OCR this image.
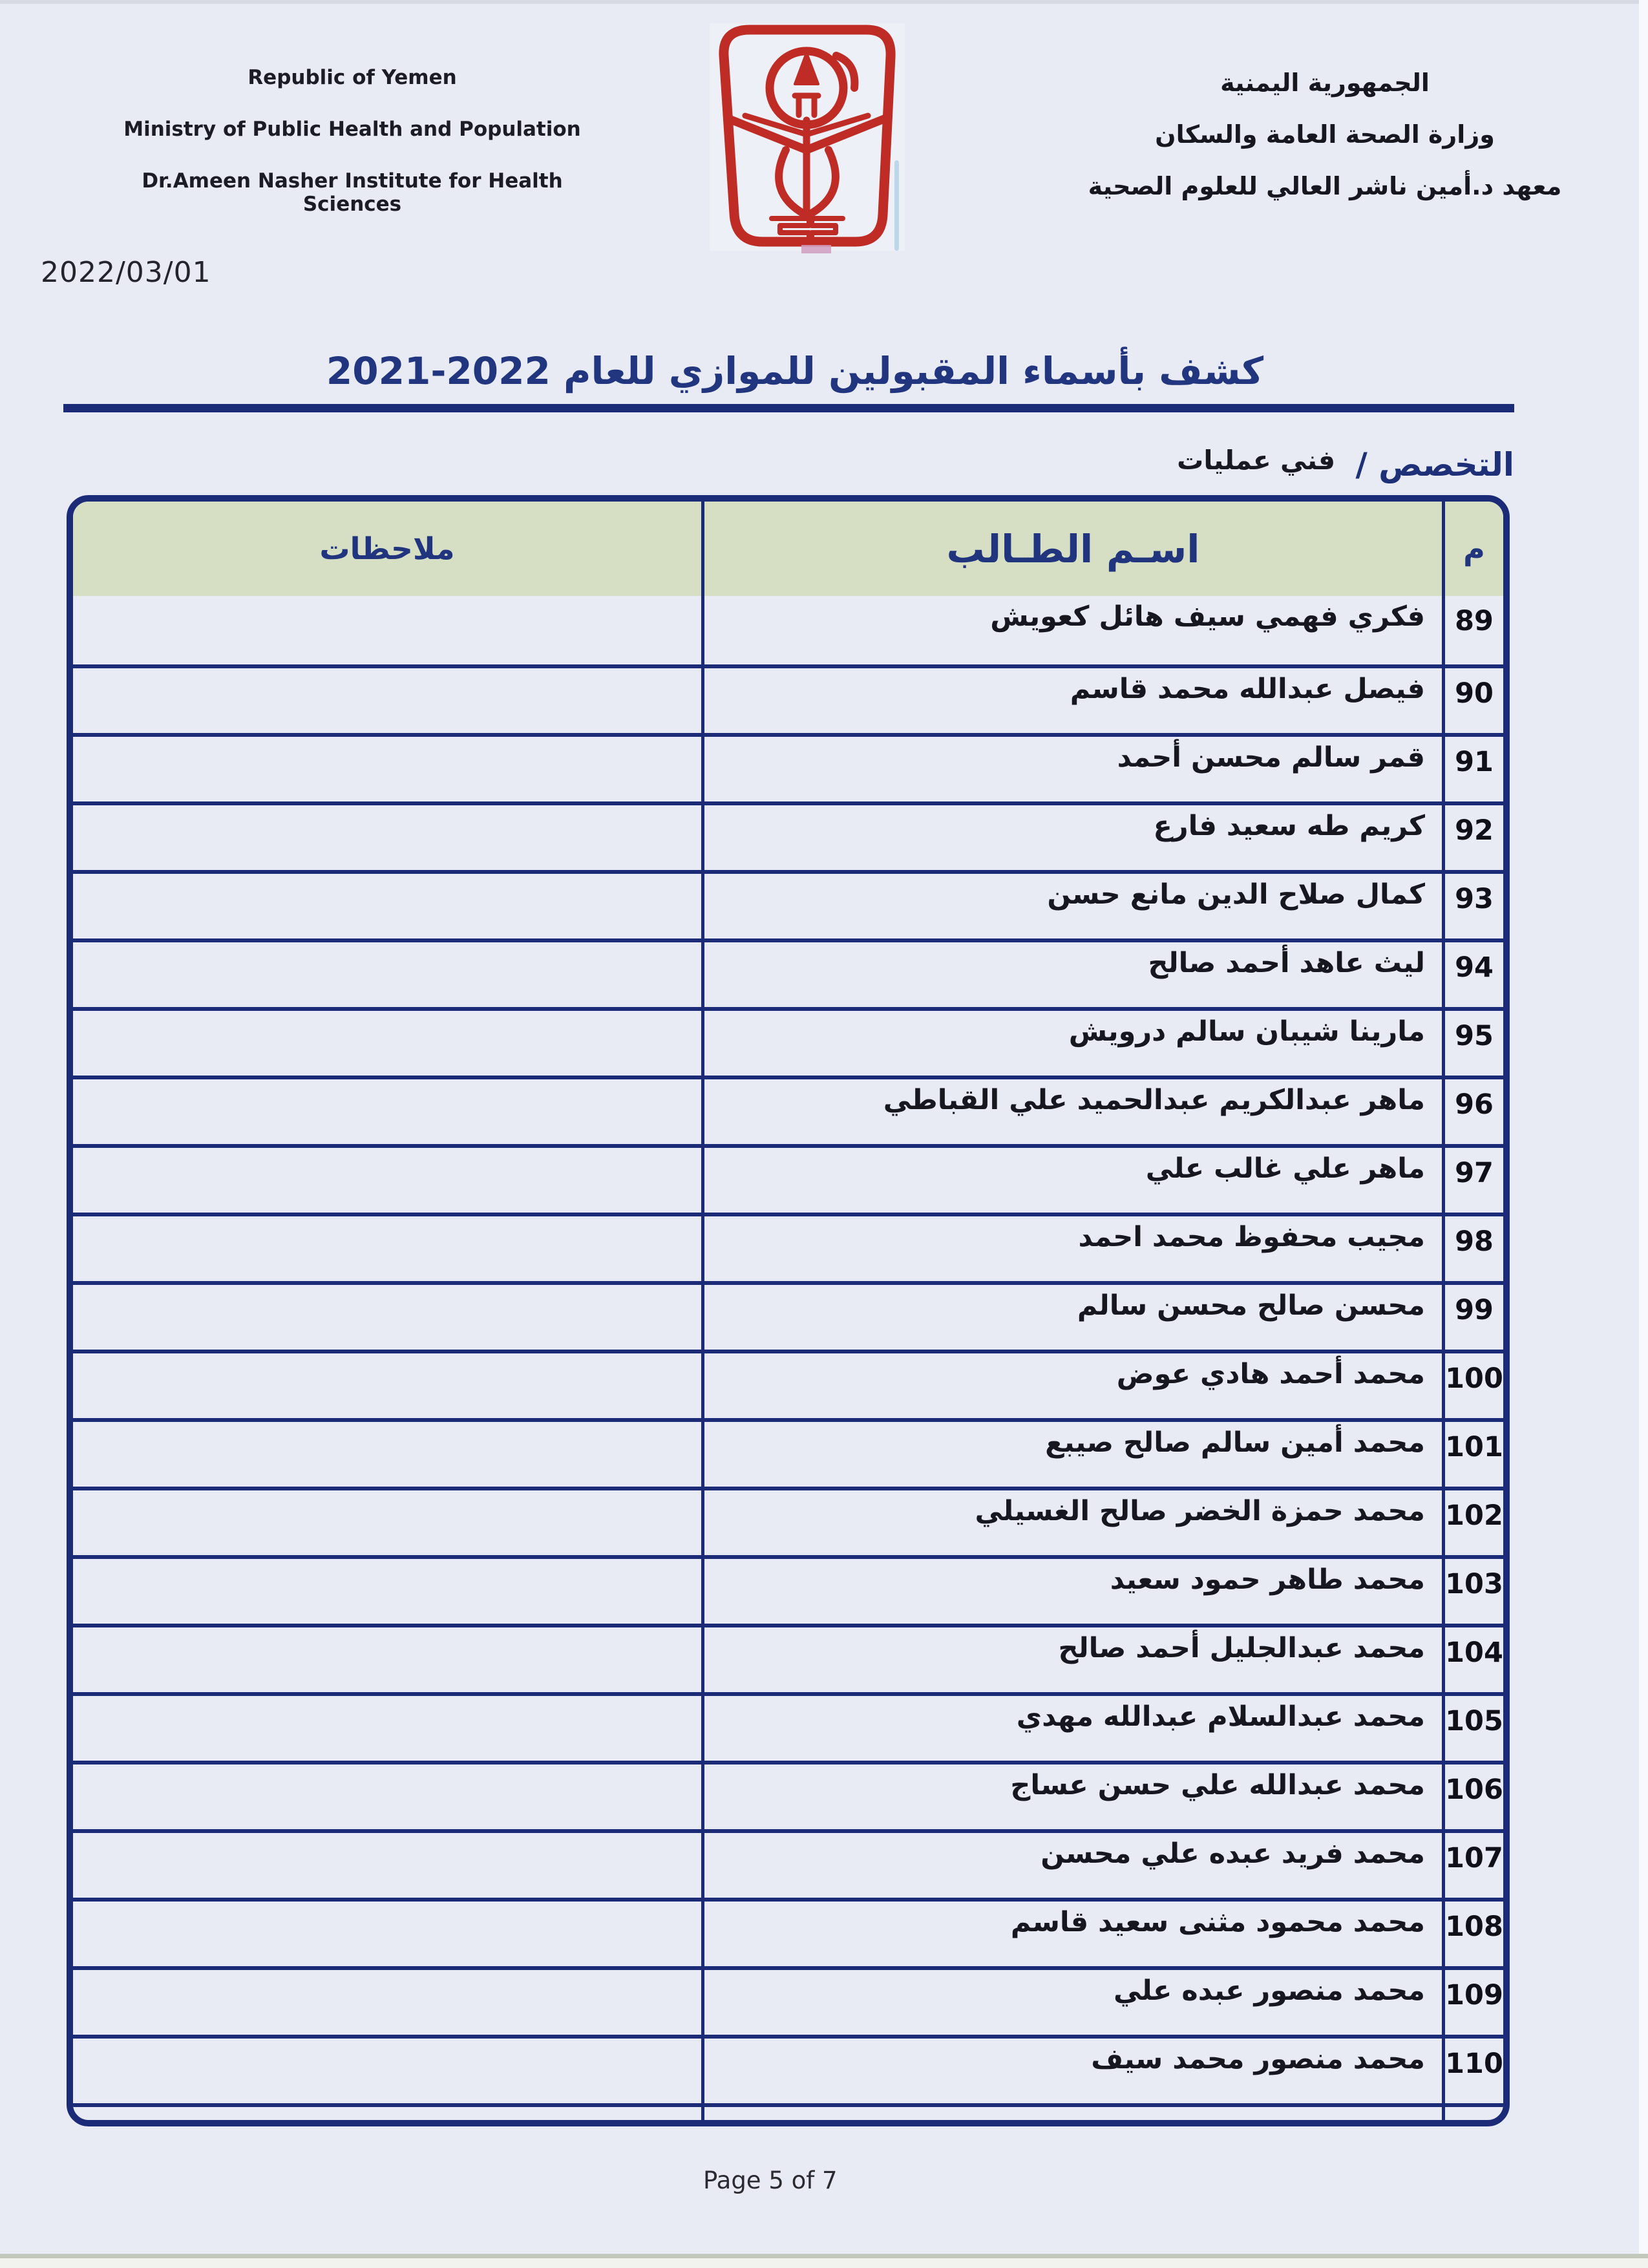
Republic of Yemen
Ministry of Public Health and Population
Dr.Ameen Nasher Institute for Health Sciences
الجمهورية اليمنية
وزارة الصحة العامة والسكان
معهد د.أمين ناشر العالي للعلوم الصحية
2022/03/01
كشف بأسماء المقبولين للموازي للعام 2022-2021
التخصص / $^{فني عمليات}$
ملاحظات	اسـم الطـالب	م
فكري فهمي سيف هائل كعويش	89
فيصل عبدالله محمد قاسم	90
قمر سالم محسن أحمد	91
كريم طه سعيد فارع	92
كمال صلاح الدين مانع حسن	93
ليث عاهد أحمد صالح	94
مارينا شيبان سالم درويش	95
ماهر عبدالكريم عبدالحميد علي القباطي	96
ماهر علي غالب علي	97
مجيب محفوظ محمد احمد	98
محسن صالح محسن سالم	99
محمد أحمد هادي عوض 100
محمد أمين سالم صالح صيبع 101
محمد حمزة الخضر صالح الغسيلي 102
محمد طاهر حمود سعيد 103
محمد عبدالجليل أحمد صالح 104
محمد عبدالسلام عبدالله مهدي 105
محمد عبدالله علي حسن عساج 106
محمد فريد عبده علي محسن 107
محمد محمود مثنى سعيد قاسم 108
محمد منصور عبده علي 109
محمد منصور محمد سيف 110
Page 5 of 7
